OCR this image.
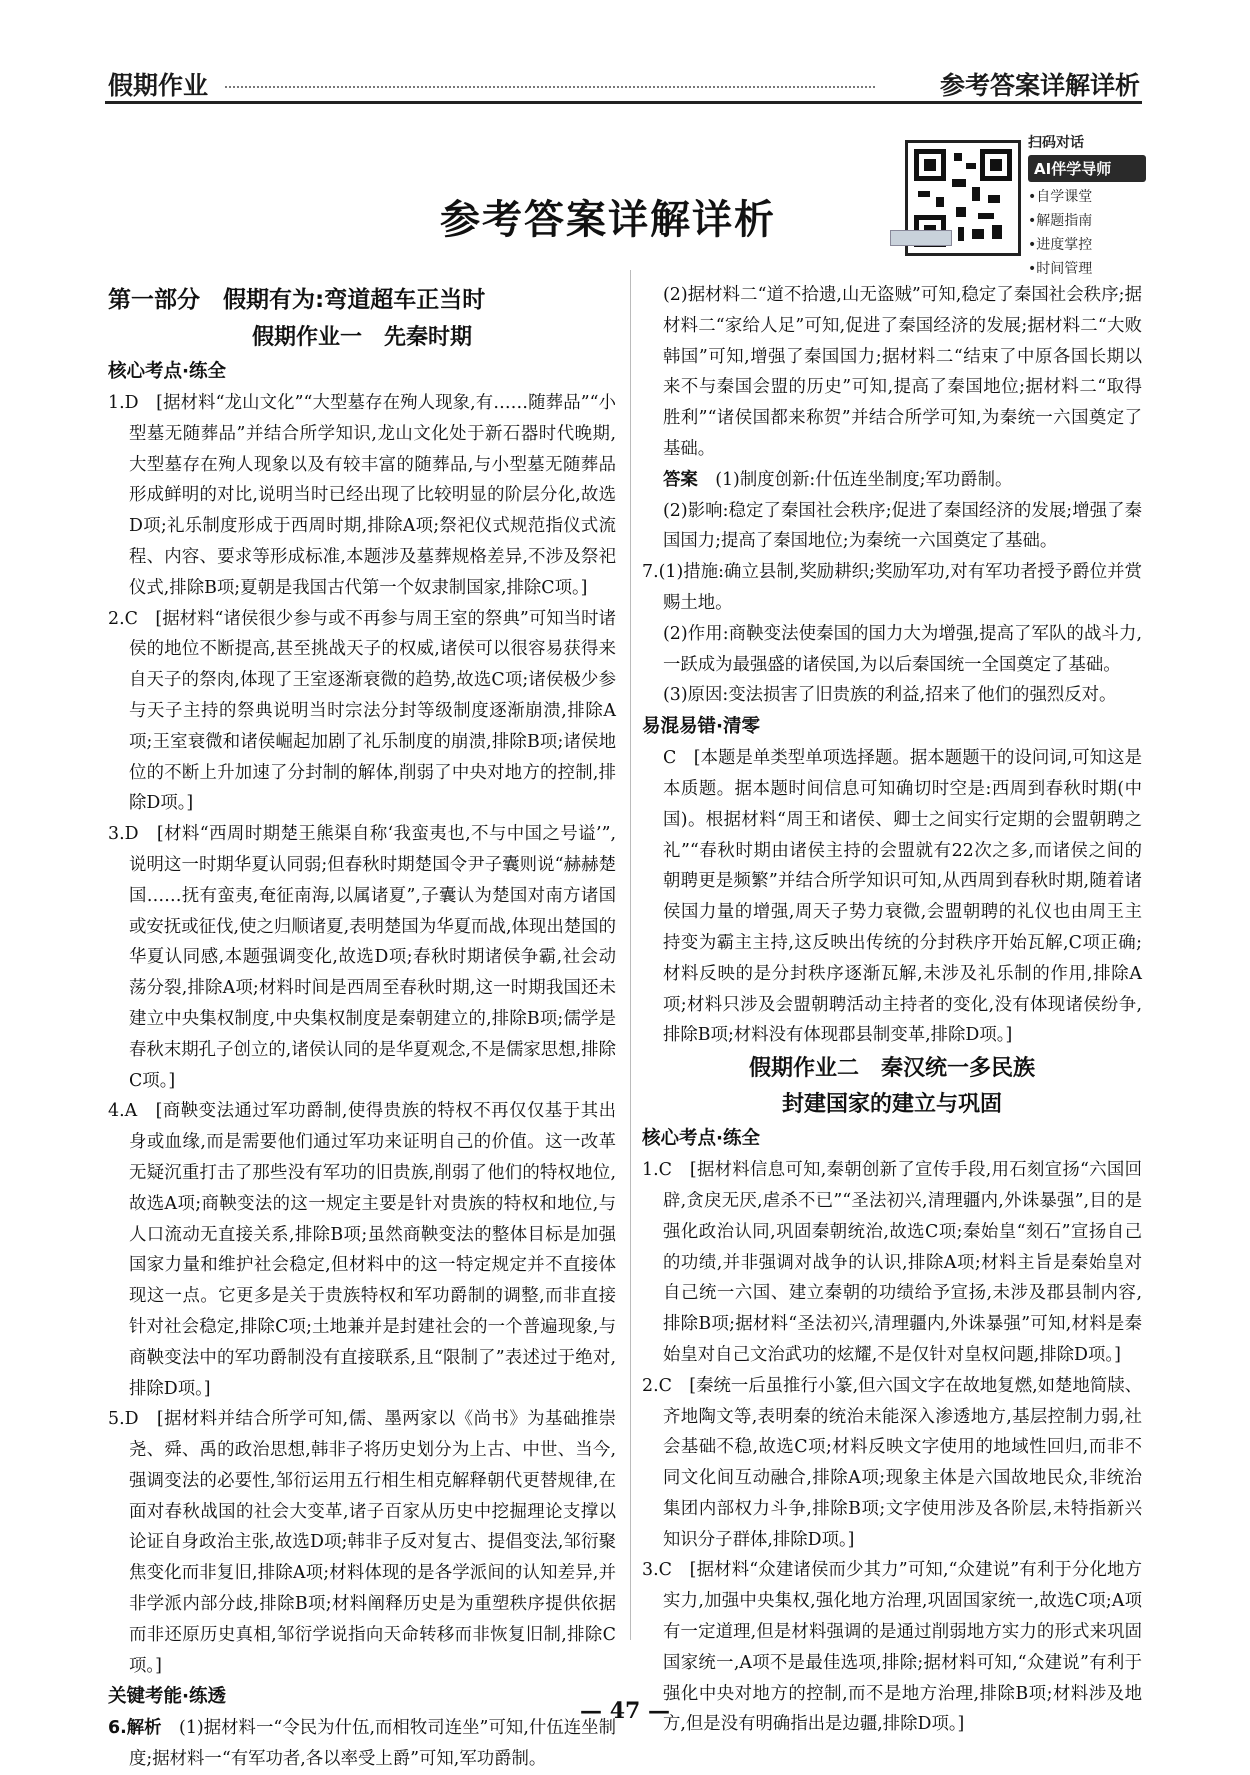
假期作业	参考答案详解详析
参考答案详解详析
扫码对话
AI伴学导师
•自学课堂
•解题指南
•进度掌控
•时间管理
第一部分　假期有为:弯道超车正当时
假期作业一　先秦时期
核心考点·练全
1.D　[据材料“龙山文化”“大型墓存在殉人现象,有……随葬品”“小型墓无随葬品”并结合所学知识,龙山文化处于新石器时代晚期,大型墓存在殉人现象以及有较丰富的随葬品,与小型墓无随葬品形成鲜明的对比,说明当时已经出现了比较明显的阶层分化,故选D项;礼乐制度形成于西周时期,排除A项;祭祀仪式规范指仪式流程、内容、要求等形成标准,本题涉及墓葬规格差异,不涉及祭祀仪式,排除B项;夏朝是我国古代第一个奴隶制国家,排除C项。]
2.C　[据材料“诸侯很少参与或不再参与周王室的祭典”可知当时诸侯的地位不断提高,甚至挑战天子的权威,诸侯可以很容易获得来自天子的祭肉,体现了王室逐渐衰微的趋势,故选C项;诸侯极少参与天子主持的祭典说明当时宗法分封等级制度逐渐崩溃,排除A项;王室衰微和诸侯崛起加剧了礼乐制度的崩溃,排除B项;诸侯地位的不断上升加速了分封制的解体,削弱了中央对地方的控制,排除D项。]
3.D　[材料“西周时期楚王熊渠自称‘我蛮夷也,不与中国之号谥’”,说明这一时期华夏认同弱;但春秋时期楚国令尹子囊则说“赫赫楚国……抚有蛮夷,奄征南海,以属诸夏”,子囊认为楚国对南方诸国或安抚或征伐,使之归顺诸夏,表明楚国为华夏而战,体现出楚国的华夏认同感,本题强调变化,故选D项;春秋时期诸侯争霸,社会动荡分裂,排除A项;材料时间是西周至春秋时期,这一时期我国还未建立中央集权制度,中央集权制度是秦朝建立的,排除B项;儒学是春秋末期孔子创立的,诸侯认同的是华夏观念,不是儒家思想,排除C项。]
4.A　[商鞅变法通过军功爵制,使得贵族的特权不再仅仅基于其出身或血缘,而是需要他们通过军功来证明自己的价值。这一改革无疑沉重打击了那些没有军功的旧贵族,削弱了他们的特权地位,故选A项;商鞅变法的这一规定主要是针对贵族的特权和地位,与人口流动无直接关系,排除B项;虽然商鞅变法的整体目标是加强国家力量和维护社会稳定,但材料中的这一特定规定并不直接体现这一点。它更多是关于贵族特权和军功爵制的调整,而非直接针对社会稳定,排除C项;土地兼并是封建社会的一个普遍现象,与商鞅变法中的军功爵制没有直接联系,且“限制了”表述过于绝对,排除D项。]
5.D　[据材料并结合所学可知,儒、墨两家以《尚书》为基础推崇尧、舜、禹的政治思想,韩非子将历史划分为上古、中世、当今,强调变法的必要性,邹衍运用五行相生相克解释朝代更替规律,在面对春秋战国的社会大变革,诸子百家从历史中挖掘理论支撑以论证自身政治主张,故选D项;韩非子反对复古、提倡变法,邹衍聚焦变化而非复旧,排除A项;材料体现的是各学派间的认知差异,并非学派内部分歧,排除B项;材料阐释历史是为重塑秩序提供依据而非还原历史真相,邹衍学说指向天命转移而非恢复旧制,排除C项。]
关键考能·练透
6.解析　 (1)据材料一“令民为什伍,而相牧司连坐”可知,什伍连坐制度;据材料一“有军功者,各以率受上爵”可知,军功爵制。
(2)据材料二“道不拾遗,山无盗贼”可知,稳定了秦国社会秩序;据材料二“家给人足”可知,促进了秦国经济的发展;据材料二“大败韩国”可知,增强了秦国国力;据材料二“结束了中原各国长期以来不与秦国会盟的历史”可知,提高了秦国地位;据材料二“取得胜利”“诸侯国都来称贺”并结合所学可知,为秦统一六国奠定了基础。
答案　 (1)制度创新:什伍连坐制度;军功爵制。
(2)影响:稳定了秦国社会秩序;促进了秦国经济的发展;增强了秦国国力;提高了秦国地位;为秦统一六国奠定了基础。
7.(1)措施:确立县制,奖励耕织;奖励军功,对有军功者授予爵位并赏赐土地。
(2)作用:商鞅变法使秦国的国力大为增强,提高了军队的战斗力,一跃成为最强盛的诸侯国,为以后秦国统一全国奠定了基础。
(3)原因:变法损害了旧贵族的利益,招来了他们的强烈反对。
易混易错·清零
C　[本题是单类型单项选择题。据本题题干的设问词,可知这是本质题。据本题时间信息可知确切时空是:西周到春秋时期(中国)。根据材料“周王和诸侯、卿士之间实行定期的会盟朝聘之礼”“春秋时期由诸侯主持的会盟就有22次之多,而诸侯之间的朝聘更是频繁”并结合所学知识可知,从西周到春秋时期,随着诸侯国力量的增强,周天子势力衰微,会盟朝聘的礼仪也由周王主持变为霸主主持,这反映出传统的分封秩序开始瓦解,C项正确;材料反映的是分封秩序逐渐瓦解,未涉及礼乐制的作用,排除A项;材料只涉及会盟朝聘活动主持者的变化,没有体现诸侯纷争,排除B项;材料没有体现郡县制变革,排除D项。]
假期作业二　秦汉统一多民族
封建国家的建立与巩固
核心考点·练全
1.C　[据材料信息可知,秦朝创新了宣传手段,用石刻宣扬“六国回辟,贪戾无厌,虐杀不已”“圣法初兴,清理疆内,外诛暴强”,目的是强化政治认同,巩固秦朝统治,故选C项;秦始皇“刻石”宣扬自己的功绩,并非强调对战争的认识,排除A项;材料主旨是秦始皇对自己统一六国、建立秦朝的功绩给予宣扬,未涉及郡县制内容,排除B项;据材料“圣法初兴,清理疆内,外诛暴强”可知,材料是秦始皇对自己文治武功的炫耀,不是仅针对皇权问题,排除D项。]
2.C　[秦统一后虽推行小篆,但六国文字在故地复燃,如楚地简牍、齐地陶文等,表明秦的统治未能深入渗透地方,基层控制力弱,社会基础不稳,故选C项;材料反映文字使用的地域性回归,而非不同文化间互动融合,排除A项;现象主体是六国故地民众,非统治集团内部权力斗争,排除B项;文字使用涉及各阶层,未特指新兴知识分子群体,排除D项。]
3.C　[据材料“众建诸侯而少其力”可知,“众建说”有利于分化地方实力,加强中央集权,强化地方治理,巩固国家统一,故选C项;A项有一定道理,但是材料强调的是通过削弱地方实力的形式来巩固国家统一,A项不是最佳选项,排除;据材料可知,“众建说”有利于强化中央对地方的控制,而不是地方治理,排除B项;材料涉及地方,但是没有明确指出是边疆,排除D项。]
— 47 —
